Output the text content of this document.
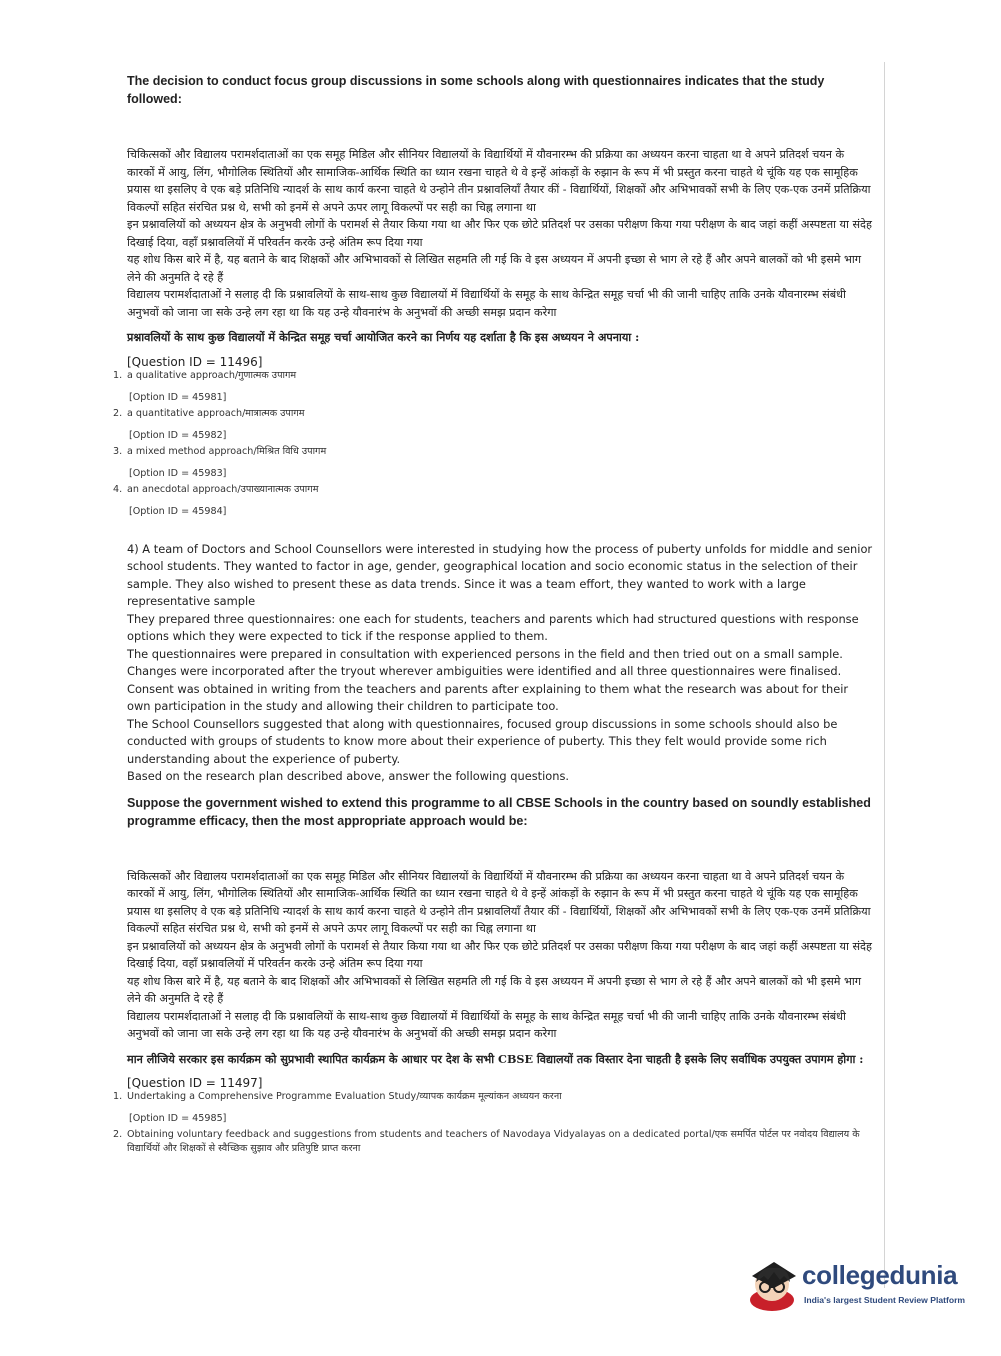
The decision to conduct focus group discussions in some schools along with questionnaires indicates that the study followed:

चिकित्सकों और विद्यालय परामर्शदाताओं का एक समूह मिडिल और सीनियर विद्यालयों के विद्यार्थियों में यौवनारम्भ की प्रक्रिया का अध्ययन करना चाहता था वे अपने प्रतिदर्श चयन के कारकों में आयु, लिंग, भौगोलिक स्थितियों और सामाजिक-आर्थिक स्थिति का ध्यान रखना चाहते थे वे इन्हें आंकड़ों के रुझान के रूप में भी प्रस्तुत करना चाहते थे चूंकि यह एक सामूहिक प्रयास था इसलिए वे एक बड़े प्रतिनिधि न्यादर्श के साथ कार्य करना चाहते थे उन्होने तीन प्रश्नावलियाँ तैयार कीं - विद्यार्थियों, शिक्षकों और अभिभावकों सभी के लिए एक-एक उनमें प्रतिक्रिया विकल्पों सहित संरचित प्रश्न थे, सभी को इनमें से अपने ऊपर लागू विकल्पों पर सही का चिह्न लगाना था

इन प्रश्नावलियों को अध्ययन क्षेत्र के अनुभवी लोगों के परामर्श से तैयार किया गया था और फिर एक छोटे प्रतिदर्श पर उसका परीक्षण किया गया परीक्षण के बाद जहां कहीं अस्पष्टता या संदेह दिखाई दिया, वहाँ प्रश्नावलियों में परिवर्तन करके उन्हे अंतिम रूप दिया गया

यह शोध किस बारे में है, यह बताने के बाद शिक्षकों और अभिभावकों से लिखित सहमति ली गई कि वे इस अध्ययन में अपनी इच्छा से भाग ले रहे हैं और अपने बालकों को भी इसमे भाग लेने की अनुमति दे रहे हैं

विद्यालय परामर्शदाताओं ने सलाह दी कि प्रश्नावलियों के साथ-साथ कुछ विद्यालयों में विद्यार्थियों के समूह के साथ केन्द्रित समूह चर्चा भी की जानी चाहिए ताकि उनके यौवनारम्भ संबंधी अनुभवों को जाना जा सके उन्हे लग रहा था कि यह उन्हे यौवनारंभ के अनुभवों की अच्छी समझ प्रदान करेगा

प्रश्नावलियों के साथ कुछ विद्यालयों में केन्द्रित समूह चर्चा आयोजित करने का निर्णय यह दर्शाता है कि इस अध्ययन ने अपनाया :
[Question ID = 11496]
1. a qualitative approach/गुणात्मक उपागम
[Option ID = 45981]
2. a quantitative approach/मात्रात्मक उपागम
[Option ID = 45982]
3. a mixed method approach/मिश्रित विधि उपागम
[Option ID = 45983]
4. an anecdotal approach/उपाख्यानात्मक उपागम
[Option ID = 45984]

4) A team of Doctors and School Counsellors were interested in studying how the process of puberty unfolds for middle and senior school students. They wanted to factor in age, gender, geographical location and socio economic status in the selection of their sample. They also wished to present these as data trends. Since it was a team effort, they wanted to work with a large representative sample

They prepared three questionnaires: one each for students, teachers and parents which had structured questions with response options which they were expected to tick if the response applied to them.

The questionnaires were prepared in consultation with experienced persons in the field and then tried out on a small sample. Changes were incorporated after the tryout wherever ambiguities were identified and all three questionnaires were finalised.

Consent was obtained in writing from the teachers and parents after explaining to them what the research was about for their own participation in the study and allowing their children to participate too.

The School Counsellors suggested that along with questionnaires, focused group discussions in some schools should also be conducted with groups of students to know more about their experience of puberty. This they felt would provide some rich understanding about the experience of puberty.

Based on the research plan described above, answer the following questions.

Suppose the government wished to extend this programme to all CBSE Schools in the country based on soundly established programme efficacy, then the most appropriate approach would be:

चिकित्सकों और विद्यालय परामर्शदाताओं का एक समूह मिडिल और सीनियर विद्यालयों के विद्यार्थियों में यौवनारम्भ की प्रक्रिया का अध्ययन करना चाहता था वे अपने प्रतिदर्श चयन के कारकों में आयु, लिंग, भौगोलिक स्थितियों और सामाजिक-आर्थिक स्थिति का ध्यान रखना चाहते थे वे इन्हें आंकड़ों के रुझान के रूप में भी प्रस्तुत करना चाहते थे चूंकि यह एक सामूहिक प्रयास था इसलिए वे एक बड़े प्रतिनिधि न्यादर्श के साथ कार्य करना चाहते थे उन्होने तीन प्रश्नावलियाँ तैयार कीं - विद्यार्थियों, शिक्षकों और अभिभावकों सभी के लिए एक-एक उनमें प्रतिक्रिया विकल्पों सहित संरचित प्रश्न थे, सभी को इनमें से अपने ऊपर लागू विकल्पों पर सही का चिह्न लगाना था

इन प्रश्नावलियों को अध्ययन क्षेत्र के अनुभवी लोगों के परामर्श से तैयार किया गया था और फिर एक छोटे प्रतिदर्श पर उसका परीक्षण किया गया परीक्षण के बाद जहां कहीं अस्पष्टता या संदेह दिखाई दिया, वहाँ प्रश्नावलियों में परिवर्तन करके उन्हे अंतिम रूप दिया गया

यह शोध किस बारे में है, यह बताने के बाद शिक्षकों और अभिभावकों से लिखित सहमति ली गई कि वे इस अध्ययन में अपनी इच्छा से भाग ले रहे हैं और अपने बालकों को भी इसमे भाग लेने की अनुमति दे रहे हैं

विद्यालय परामर्शदाताओं ने सलाह दी कि प्रश्नावलियों के साथ-साथ कुछ विद्यालयों में विद्यार्थियों के समूह के साथ केन्द्रित समूह चर्चा भी की जानी चाहिए ताकि उनके यौवनारम्भ संबंधी अनुभवों को जाना जा सके उन्हे लग रहा था कि यह उन्हे यौवनारंभ के अनुभवों की अच्छी समझ प्रदान करेगा

मान लीजिये सरकार इस कार्यक्रम को सुप्रभावी स्थापित कार्यक्रम के आधार पर देश के सभी CBSE विद्यालयों तक विस्तार देना चाहती है इसके लिए सर्वाधिक उपयुक्त उपागम होगा :
[Question ID = 11497]
1. Undertaking a Comprehensive Programme Evaluation Study/व्यापक कार्यक्रम मूल्यांकन अध्ययन करना
[Option ID = 45985]
2. Obtaining voluntary feedback and suggestions from students and teachers of Navodaya Vidyalayas on a dedicated portal/एक समर्पित पोर्टल पर नवोदय विद्यालय के विद्यार्थियों और शिक्षकों से स्वैच्छिक सुझाव और प्रतिपुष्टि प्राप्त करना
collegedunia
India's largest Student Review Platform
